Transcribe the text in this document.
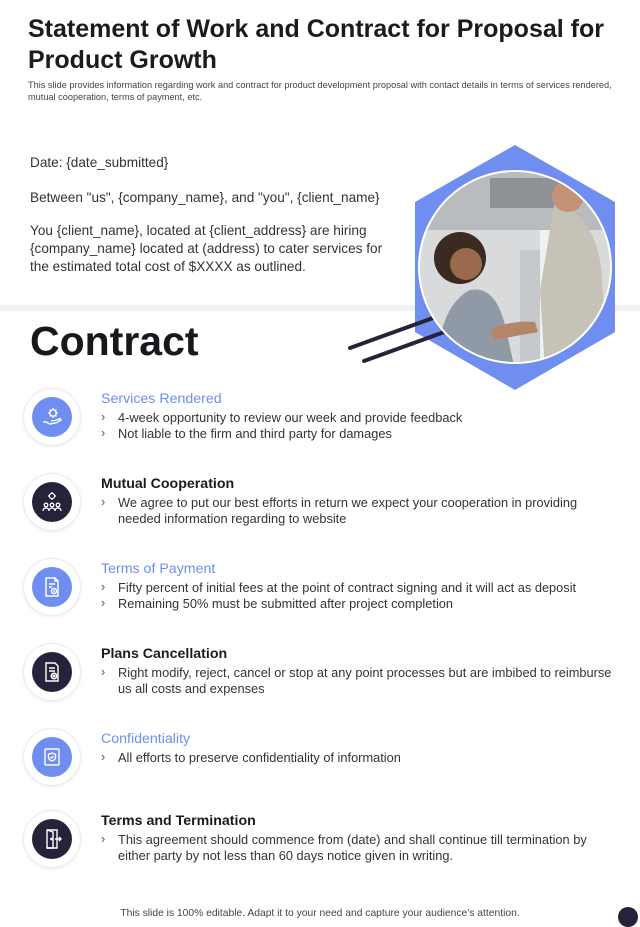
Statement of Work and Contract for Proposal for Product Growth
This slide provides information regarding work and contract for product development proposal with contact details in terms of services rendered, mutual cooperation, terms of payment, etc.
Date: {date_submitted}
Between "us", {company_name}, and "you", {client_name}
You {client_name}, located at {client_address} are hiring {company_name} located at (address) to cater services for the estimated total cost of $XXXX as outlined.
Contract
Services Rendered
› 4-week opportunity to review our week and provide feedback
› Not liable to the firm and third party for damages
Mutual Cooperation
› We agree to put our best efforts in return we expect your cooperation in providing needed information regarding to website
Terms of Payment
› Fifty percent of initial fees at the point of contract signing and it will act as deposit
› Remaining 50% must be submitted after project completion
Plans Cancellation
› Right modify, reject, cancel or stop at any point processes but are imbibed to reimburse us all costs and expenses
Confidentiality
› All efforts to preserve confidentiality of information
Terms and Termination
› This agreement should commence from (date) and shall continue till termination by either party by not less than 60 days notice given in writing.
This slide is 100% editable. Adapt it to your need and capture your audience’s attention.
